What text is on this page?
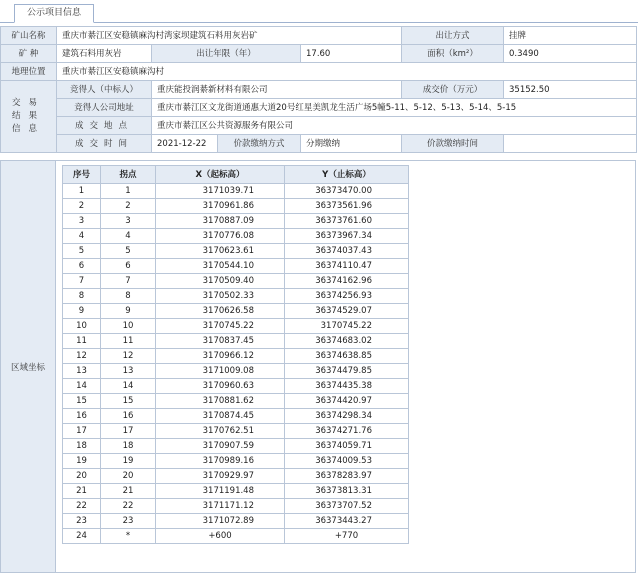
公示项目信息
矿山名称	重庆市綦江区安稳镇麻沟村湾家坝建筑石料用灰岩矿				出让方式	挂牌
矿 种	建筑石料用灰岩	出让年限（年）		17.60	面积（km²）	0.3490
地理位置	重庆市綦江区安稳镇麻沟村					
交易结果信息	竞得人（中标人）	重庆能投润綦新材料有限公司			成交价（万元）	35152.50
	竞得人公司地址	重庆市綦江区文龙街道通惠大道20号红星美凯龙生活广场5幢5-11、5-12、5-13、5-14、5-15				
	成交地点	重庆市綦江区公共资源服务有限公司				
	成交时间	2021-12-22	价款缴纳方式	分期缴纳	价款缴纳时间	
区域坐标
序号	拐点	X（起标高）	Y（止标高）
1	1	3171039.71	36373470.00
2	2	3170961.86	36373561.96
3	3	3170887.09	36373761.60
4	4	3170776.08	36373967.34
5	5	3170623.61	36374037.43
6	6	3170544.10	36374110.47
7	7	3170509.40	36374162.96
8	8	3170502.33	36374256.93
9	9	3170626.58	36374529.07
10	10	3170745.22	3170745.22
11	11	3170837.45	36374683.02
12	12	3170966.12	36374638.85
13	13	3171009.08	36374479.85
14	14	3170960.63	36374435.38
15	15	3170881.62	36374420.97
16	16	3170874.45	36374298.34
17	17	3170762.51	36374271.76
18	18	3170907.59	36374059.71
19	19	3170989.16	36374009.53
20	20	3170929.97	36378283.97
21	21	3171191.48	36373813.31
22	22	3171171.12	36373707.52
23	23	3171072.89	36373443.27
24	*	+600	+770
